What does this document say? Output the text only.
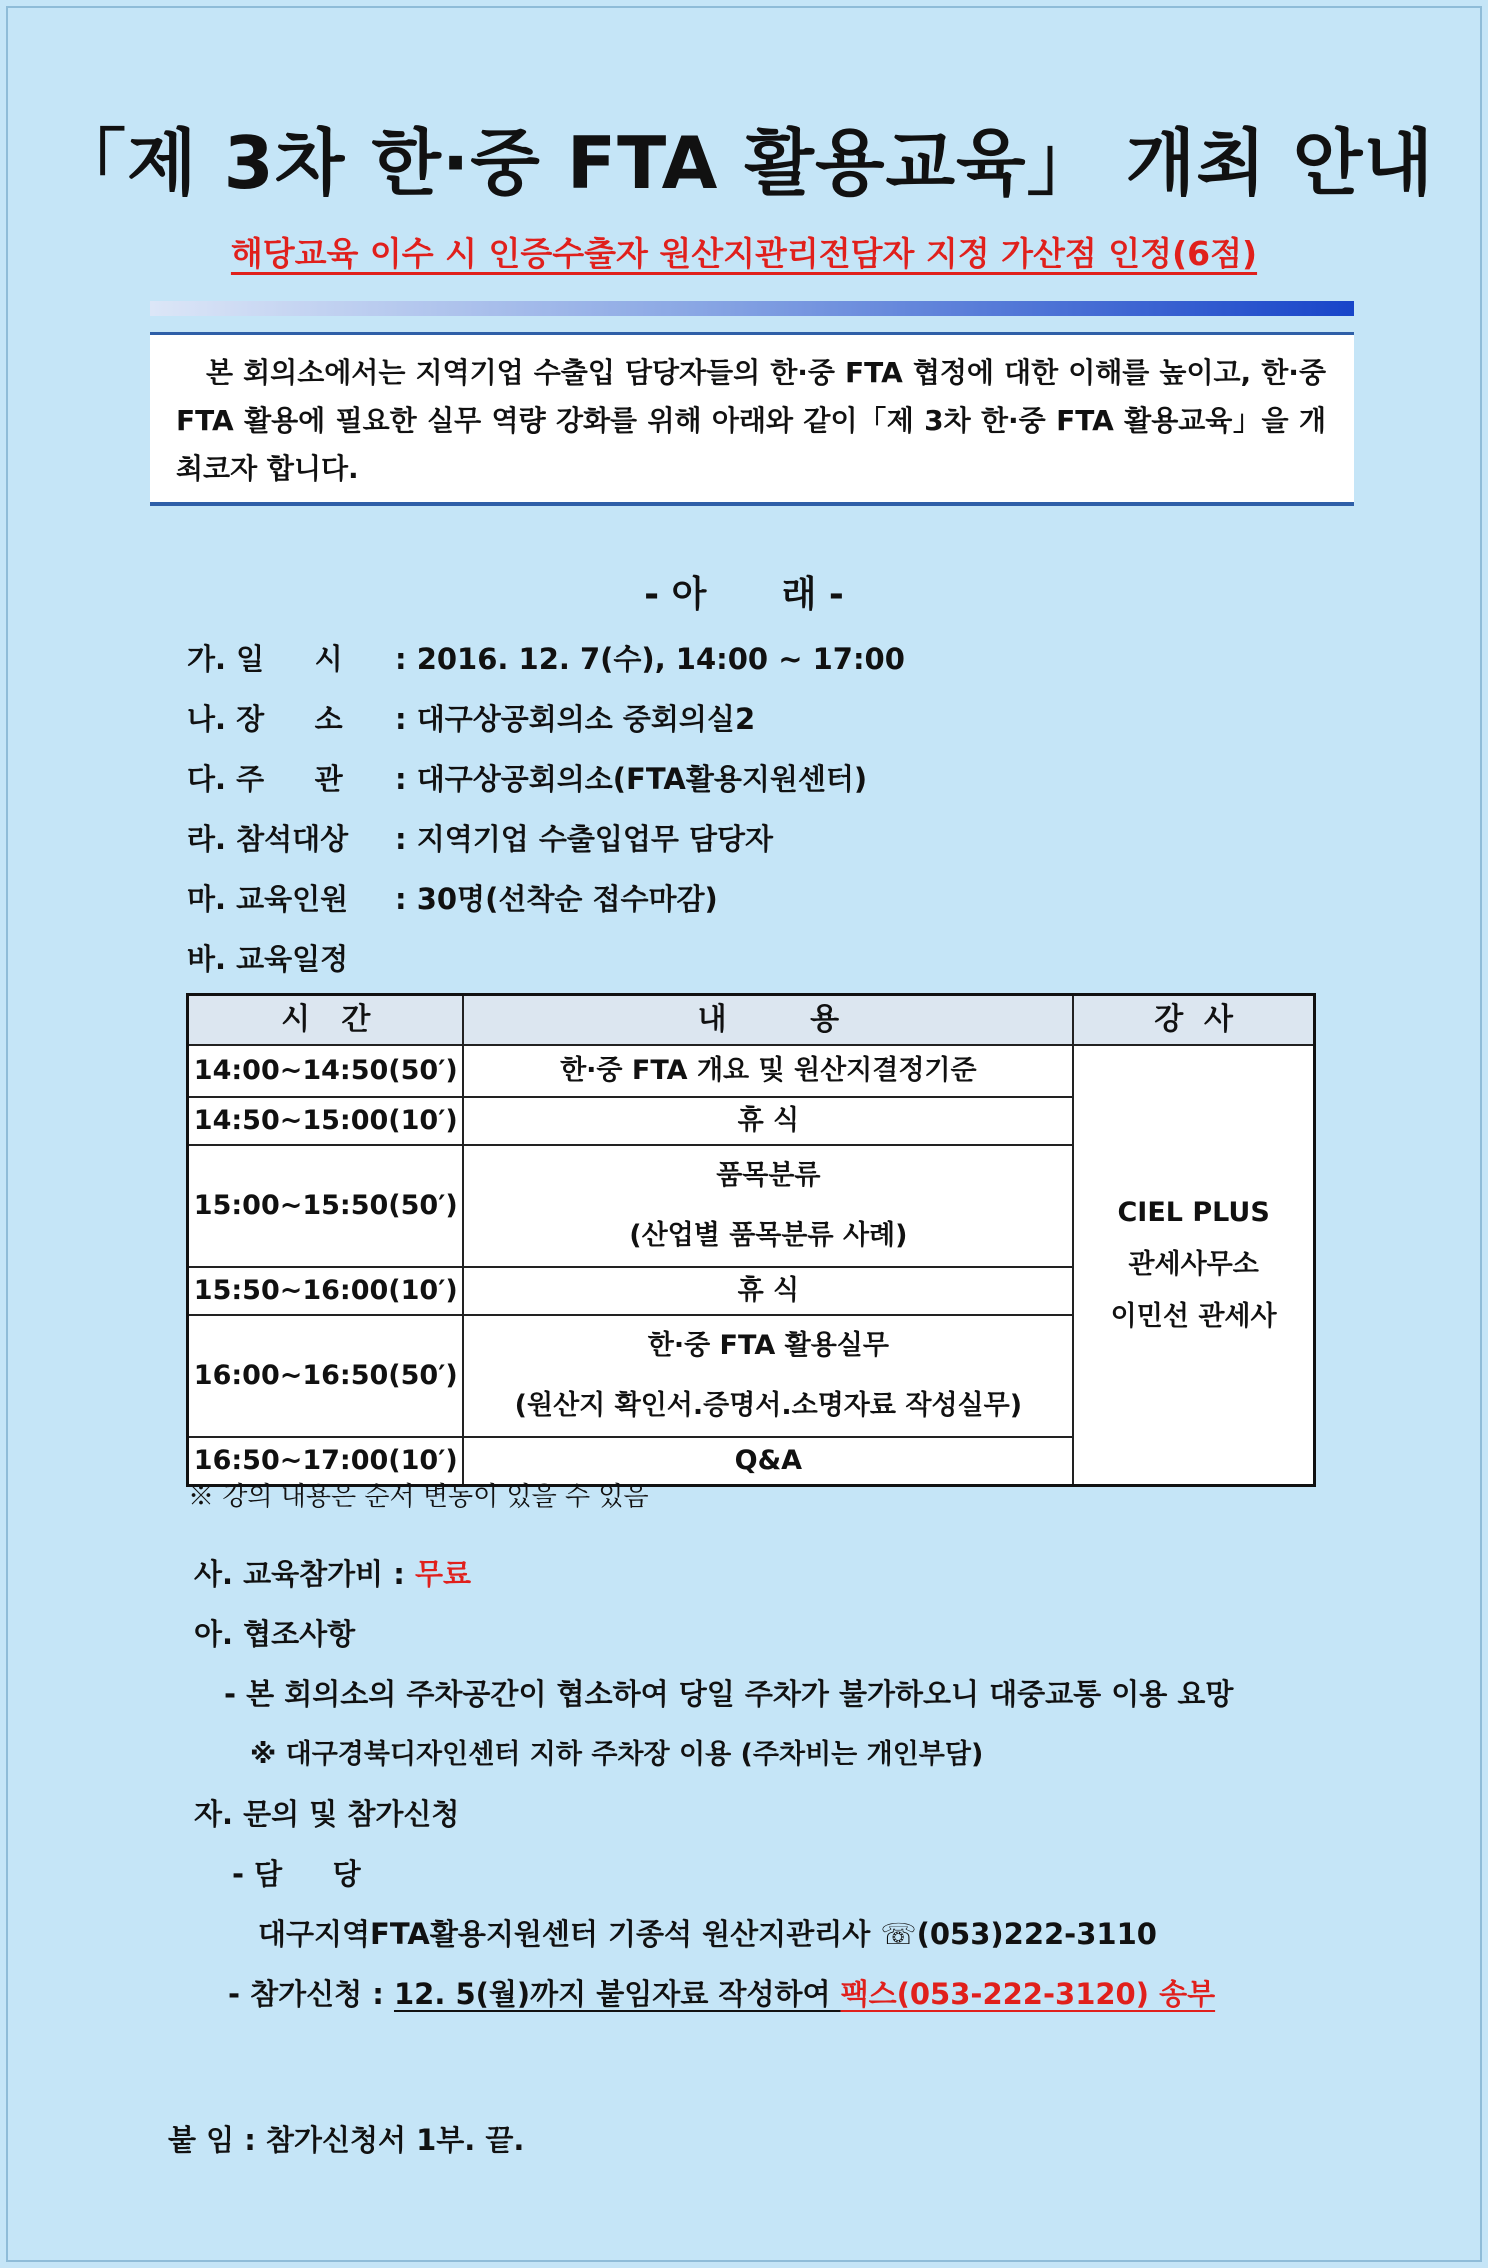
「제 3차 한·중 FTA 활용교육」 개최 안내
해당교육 이수 시 인증수출자 원산지관리전담자 지정 가산점 인정(6점)
본 회의소에서는 지역기업 수출입 담당자들의 한·중 FTA 협정에 대한 이해를 높이고, 한·중 FTA 활용에 필요한 실무 역량 강화를 위해 아래와 같이「제 3차 한·중 FTA 활용교육」을 개최코자 합니다.
- 아      래 -
가. 일     시 : 2016. 12. 7(수), 14:00 ~ 17:00
나. 장     소 : 대구상공회의소 중회의실2
다. 주     관 : 대구상공회의소(FTA활용지원센터)
라. 참석대상 : 지역기업 수출입업무 담당자
마. 교육인원 : 30명(선착순 접수마감)
바. 교육일정
시   간	내        용	강  사
14:00~14:50(50′)	한·중 FTA 개요 및 원산지결정기준	CIEL PLUS
관세사무소
이민선 관세사

14:50~15:00(10′)	휴 식	
15:00~15:50(50′)	품목분류
(산업별 품목분류 사례)	

15:50~16:00(10′)	휴 식	
16:00~16:50(50′)	한·중 FTA 활용실무
(원산지 확인서.증명서.소명자료 작성실무)	

16:50~17:00(10′)	Q&A	
※ 강의 내용은 순서 변동이 있을 수 있음
사. 교육참가비 : 무료
아. 협조사항
- 본 회의소의 주차공간이 협소하여 당일 주차가 불가하오니 대중교통 이용 요망
※ 대구경북디자인센터 지하 주차장 이용 (주차비는 개인부담)
자. 문의 및 참가신청
- 담     당
대구지역FTA활용지원센터 기종석 원산지관리사 ☏(053)222-3110
- 참가신청 : 12. 5(월)까지 붙임자료 작성하여 팩스(053-222-3120) 송부
붙 임 : 참가신청서 1부. 끝.
